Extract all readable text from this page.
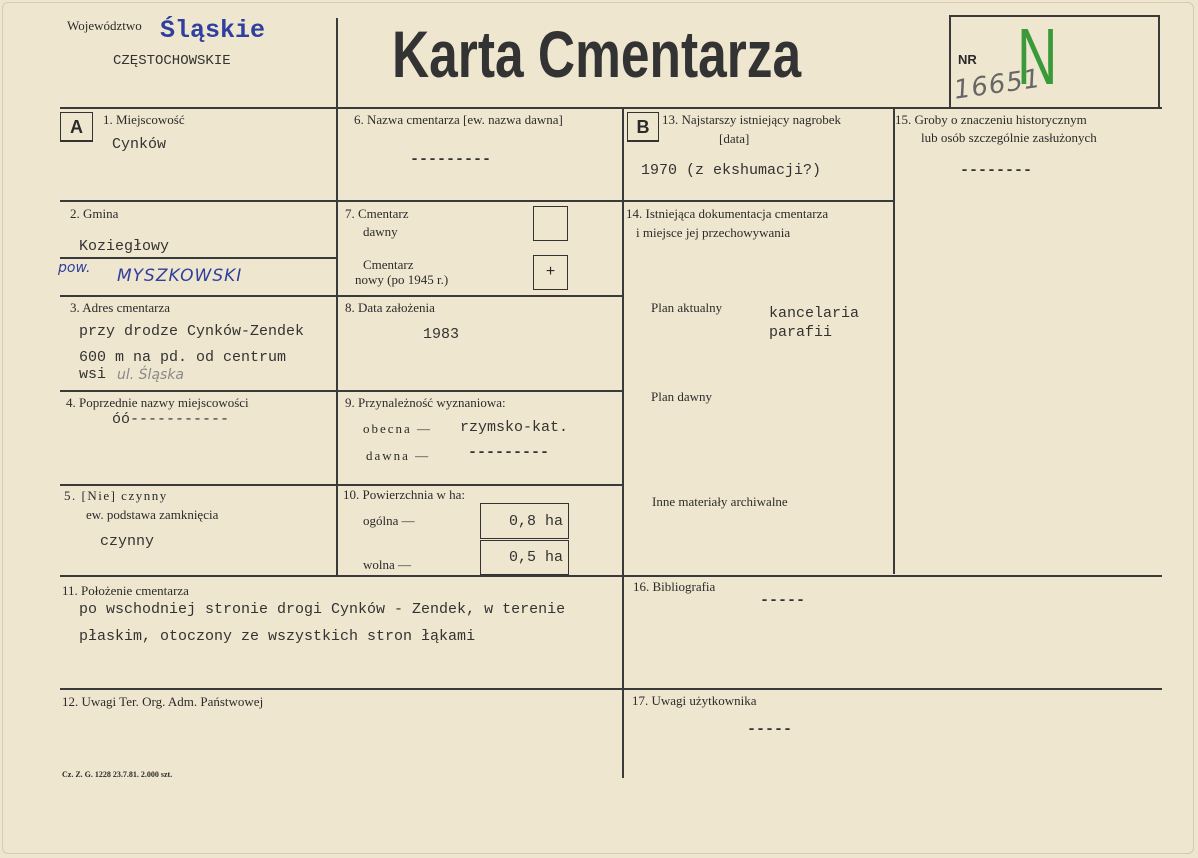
Województwo Śląskie
CZĘSTOCHOWSKIE Karta Cmentarza	NR N
16651
A	1. Miejscowość
Cynków
2. Gmina
Koziegłowy
pow. MYSZKOWSKI
3. Adres cmentarza
przy drodze Cynków-Zendek
600 m na pd. od centrum
wsi ul. Śląska
4. Poprzednie nazwy miejscowości
óó-----------
5. [Nie] czynny
ew. podstawa zamknięcia
czynny
6. Nazwa cmentarza [ew. nazwa dawna]
---------
7. Cmentarz
dawny
Cmentarz
nowy (po 1945 r.)	+
8. Data założenia
1983
9. Przynależność wyznaniowa:
obecna — rzymsko-kat.
dawna —	---------
10. Powierzchnia w ha:
ogólna —	0,8 ha
wolna —	0,5 ha
11. Położenie cmentarza
po wschodniej stronie drogi Cynków - Zendek, w terenie
płaskim, otoczony ze wszystkich stron łąkami
12. Uwagi Ter. Org. Adm. Państwowej
Cz. Z. G. 1228 23.7.81. 2.000 szt.
B 13. Najstarszy istniejący nagrobek
[data]
1970 (z ekshumacji?)
15. Groby o znaczeniu historycznym
lub osób szczególnie zasłużonych
--------
14. Istniejąca dokumentacja cmentarza
i miejsce jej przechowywania
Plan aktualny	kancelaria
parafii
Plan dawny
Inne materiały archiwalne
16. Bibliografia
-----
17. Uwagi użytkownika
-----
